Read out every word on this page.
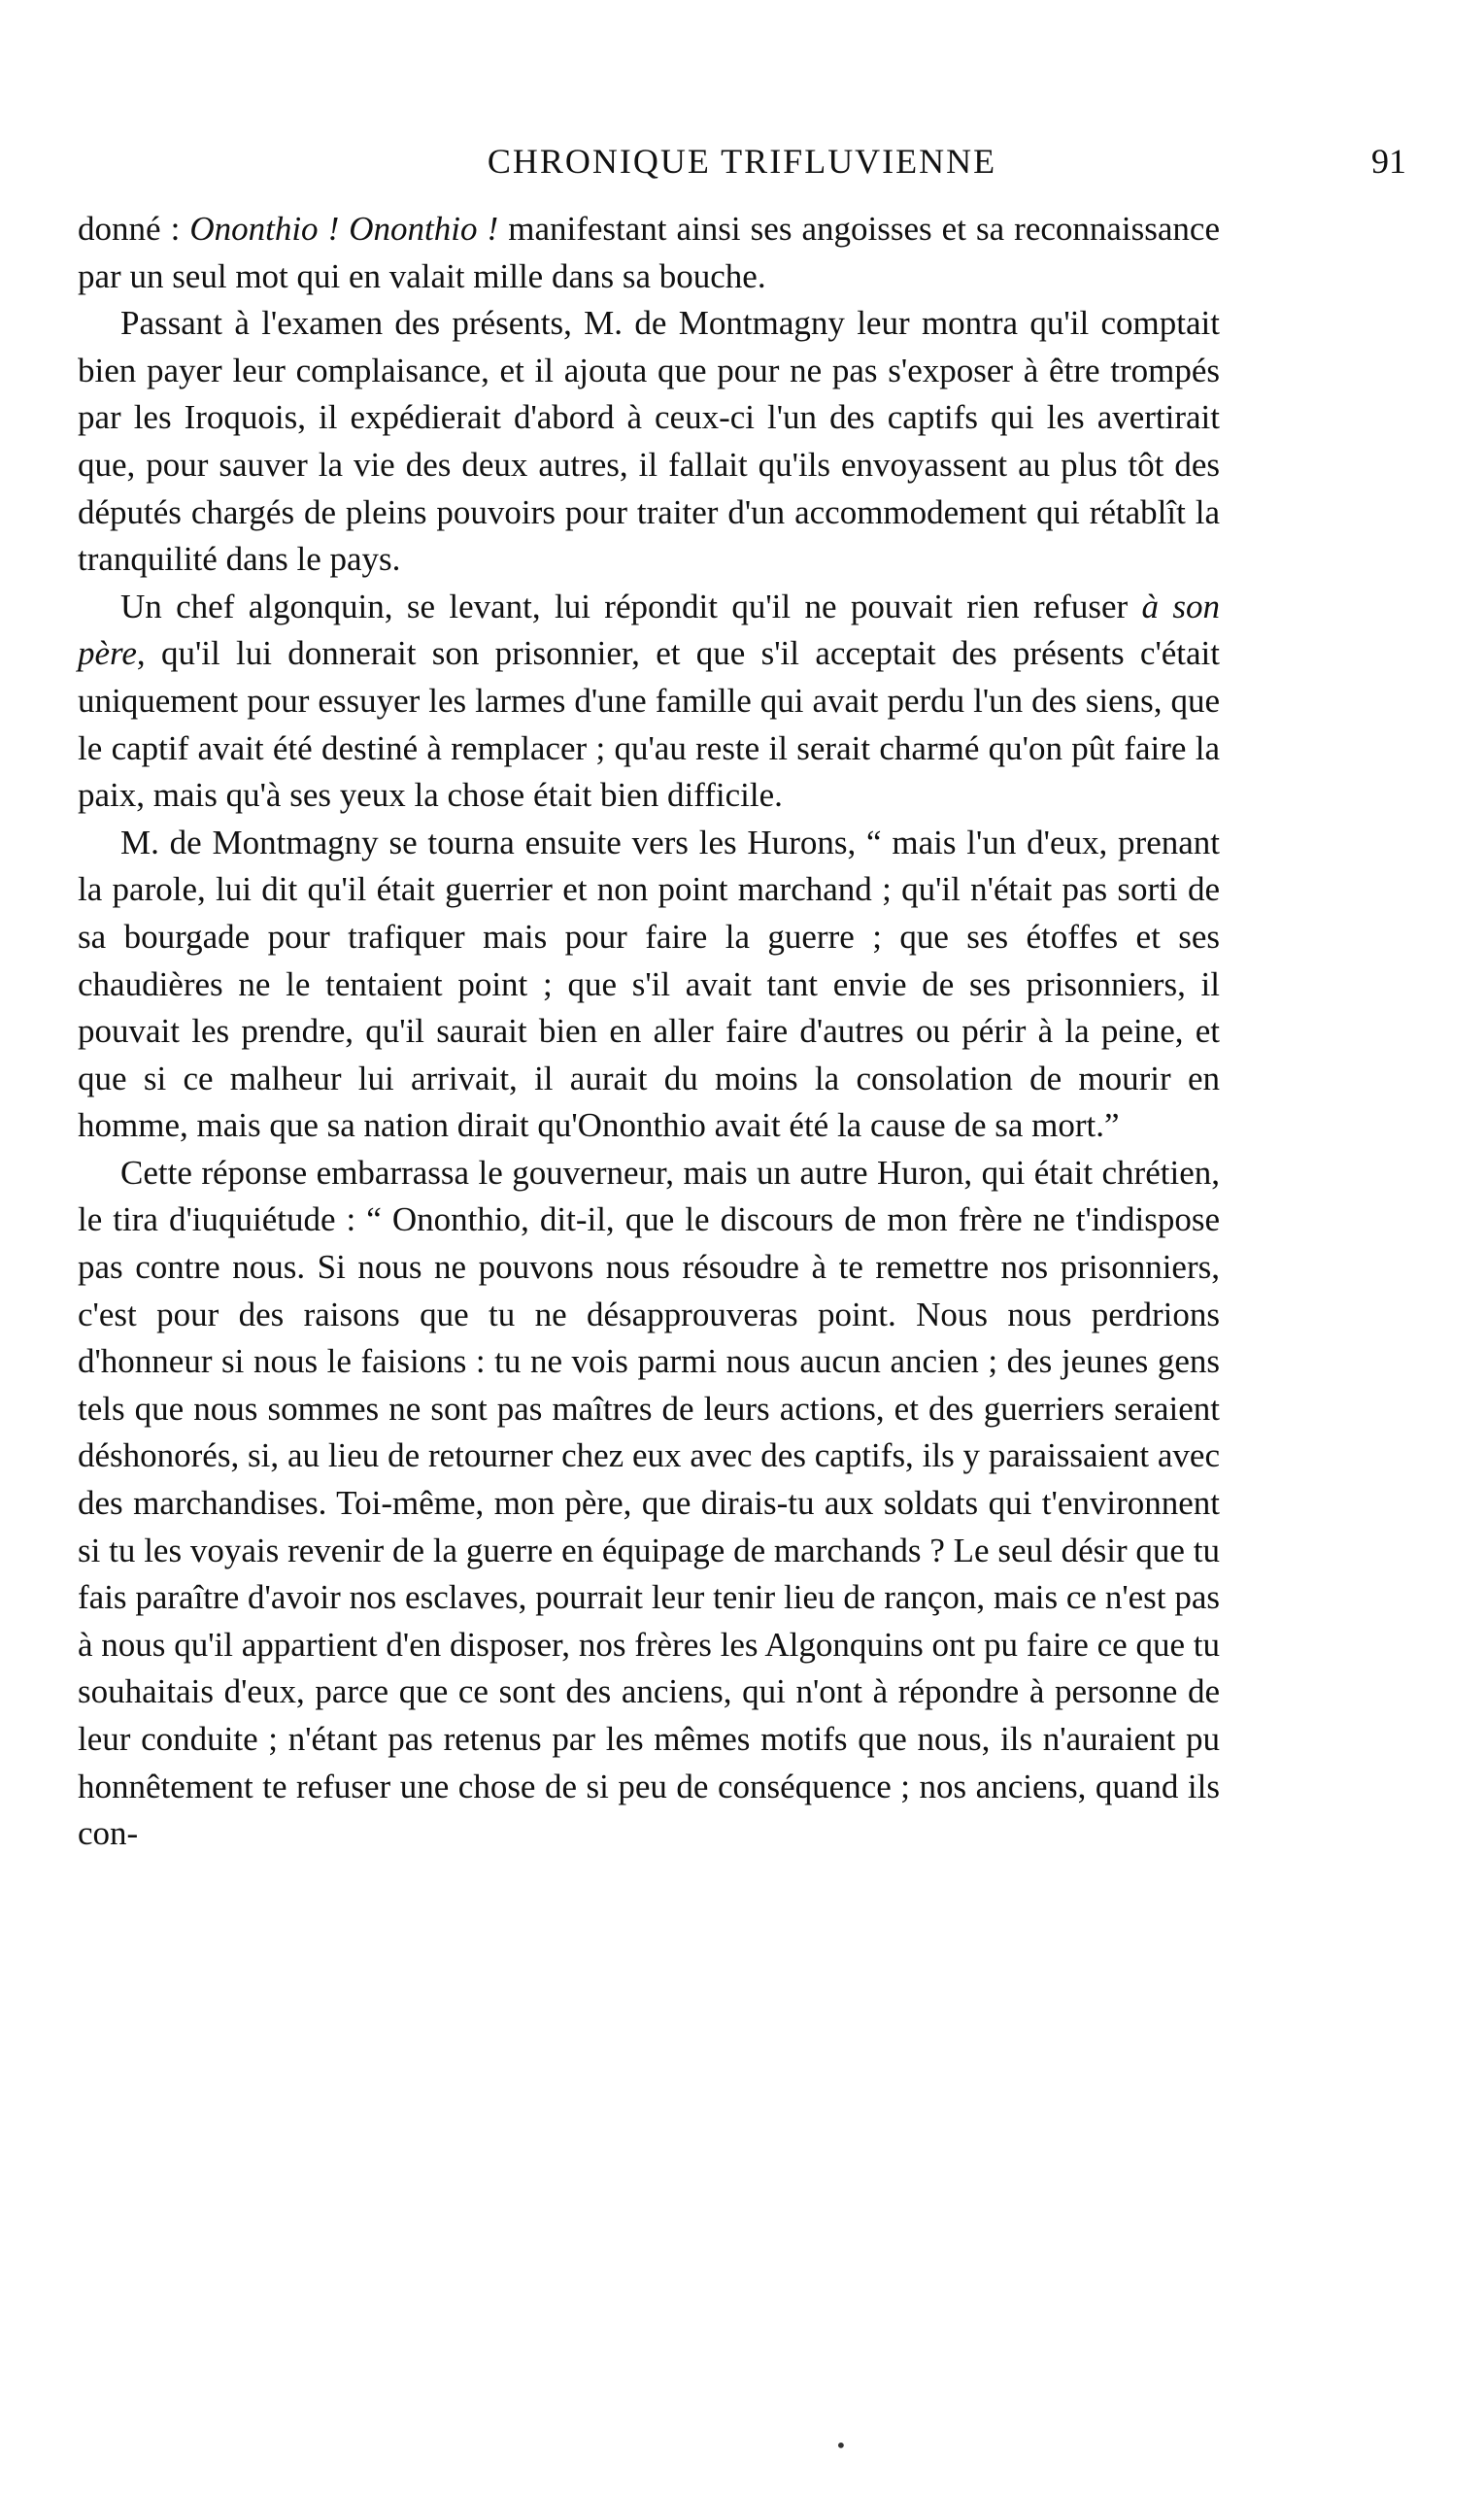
CHRONIQUE TRIFLUVIENNE	91

donné : Ononthio ! Ononthio ! manifestant ainsi ses angoisses et sa reconnaissance par un seul mot qui en valait mille dans sa bouche.

Passant à l'examen des présents, M. de Montmagny leur montra qu'il comptait bien payer leur complaisance, et il ajouta que pour ne pas s'exposer à être trompés par les Iroquois, il expédierait d'abord à ceux-ci l'un des captifs qui les avertirait que, pour sauver la vie des deux autres, il fallait qu'ils envoyassent au plus tôt des députés chargés de pleins pouvoirs pour traiter d'un accommodement qui rétablît la tranquilité dans le pays.

Un chef algonquin, se levant, lui répondit qu'il ne pouvait rien refuser à son père, qu'il lui donnerait son prisonnier, et que s'il acceptait des présents c'était uniquement pour essuyer les larmes d'une famille qui avait perdu l'un des siens, que le captif avait été destiné à remplacer ; qu'au reste il serait charmé qu'on pût faire la paix, mais qu'à ses yeux la chose était bien difficile.

M. de Montmagny se tourna ensuite vers les Hurons, “ mais l'un d'eux, prenant la parole, lui dit qu'il était guerrier et non point marchand ; qu'il n'était pas sorti de sa bourgade pour trafiquer mais pour faire la guerre ; que ses étoffes et ses chaudières ne le tentaient point ; que s'il avait tant envie de ses prisonniers, il pouvait les prendre, qu'il saurait bien en aller faire d'autres ou périr à la peine, et que si ce malheur lui arrivait, il aurait du moins la consolation de mourir en homme, mais que sa nation dirait qu'Ononthio avait été la cause de sa mort.”

Cette réponse embarrassa le gouverneur, mais un autre Huron, qui était chrétien, le tira d'iuquiétude : “ Ononthio, dit-il, que le discours de mon frère ne t'indispose pas contre nous. Si nous ne pouvons nous résoudre à te remettre nos prisonniers, c'est pour des raisons que tu ne désapprouveras point. Nous nous perdrions d'honneur si nous le faisions : tu ne vois parmi nous aucun ancien ; des jeunes gens tels que nous sommes ne sont pas maîtres de leurs actions, et des guerriers seraient déshonorés, si, au lieu de retourner chez eux avec des captifs, ils y paraissaient avec des marchandises. Toi-même, mon père, que dirais-tu aux soldats qui t'environnent si tu les voyais revenir de la guerre en équipage de marchands ? Le seul désir que tu fais paraître d'avoir nos esclaves, pourrait leur tenir lieu de rançon, mais ce n'est pas à nous qu'il appartient d'en disposer, nos frères les Algonquins ont pu faire ce que tu souhaitais d'eux, parce que ce sont des anciens, qui n'ont à répondre à personne de leur conduite ; n'étant pas retenus par les mêmes motifs que nous, ils n'auraient pu honnêtement te refuser une chose de si peu de conséquence ; nos anciens, quand ils con-

•
